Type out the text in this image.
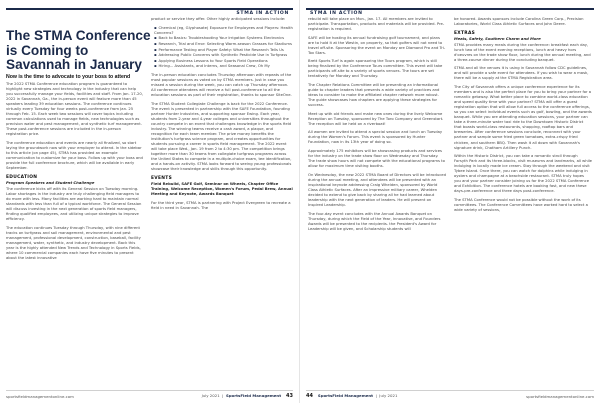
STMA IN ACTION
The STMA Conference is Coming to Savannah in January
Now is the time to advocate to your boss to attend

The 2022 STMA Conference education program is guaranteed to highlight new strategies and technology in the industry that can help you successfully manage your fields, facilities and staff. From Jan. 17-20, 2022 in Savannah, Ga., the in-person event will feature more than 45 speakers leading 39 education sessions. The conference continues virtually every Tuesday for four weeks post-conference from Jan. 25 through Feb. 15. Each week two sessions will cover topics including common calculations used to manage fields, new technologies such as precision water and pest management, and synthetic turf management. These post-conference sessions are included in the in-person registration price.

The conference education and events are nearly all finalized, so start laying the groundwork now with your employer to attend. In the sidebar to this article (on page 45), STMA has provided an example communication to customize for your boss. Follow up with your boss and provide the full conference brochure, which will be available in early September.

EDUCATION
Program Speakers and Student Challenge

The conference kicks off with its General Session on Tuesday morning. Labor shortages in the industry are truly challenging field managers to do more with less. Many facilities are working hard to maintain normal standards with less than full of a typical workforce. The General Session will discuss investing in the next generation of sports field managers, finding qualified employees, and utilizing unique strategies to improve efficiency.

The education continues Tuesday through Thursday, with nine different tracks on turfgrass and soil management, environmental and pest management, professional development, construction, baseball, facility management, water, synthetic, and industry development. Back this year is the highly attended New Trends and Technology in Sports Fields, where 10 commercial companies each have five minutes to present about the latest innovative

product or service they offer. Other highly anticipated sessions include:

▪ Chemical (eg, Glyphosate) Exposure for Employees and Players: Health Concerns?
▪ Back to Basics: Troubleshooting Your Irrigation Systems Electronics
▪ Research, Trial and Error: Selecting Warm-season Grasses for Stadiums
▪ Performance Testing and Player Safety: What the Research Tells Us
▪ Addressing Public Concerns with Synthetic Pesticide Use in Turfgrass
▪ Applying Business Lessons to Your Sports Field Operations
▪ Hiring... Assistants, and Interns, and Seasonal Crew, Oh My

The in-person education concludes Thursday afternoon with repeats of the most popular sessions as voted on by STMA members. Just in case you missed a session during the week, you can catch up Thursday afternoon. All conference attendees will receive a full post-conference to all the education sessions as part of their registration, thanks to sponsor SiteOne.

The STMA Student Collegiate Challenge is back for the 2022 Conference. The event is presented in partnership with the SAFE Foundation, founding partner Hunter Industries, and supporting sponsor Ewing. Each year, students from 2-year and 4-year colleges and universities throughout the country compete in an event that challenges knowledge in the sports field industry. The winning teams receive a cash award, a plaque, and recognition for each team member. The prize money benefits the institution's turfgrass science program, and creates opportunities for students pursuing a career in sports field management. The 2022 event will take place Wed., Jan. 19 from 2 to 4:30 pm. The competition brings together more than 30 teams from collegiate turfgrass programs across the United States to compete in a multiple-choice exam, tee identification, and a hands-on activity. STMA looks forward to seeing young professionals showcase their knowledge and skills through this opportunity.

EVENTS

Field Rebuild, SAFE Golf, Seminar on Wheels, Chapter Office Training, Welcome Reception, Women's Forum, Pedal Brew, Annual Meeting and Keynote, Awards Banquet

For the third year, STMA is partnering with Project Evergreen to recreate a field in need in Savannah. The

sportsfieldmanagementonline.com	July 2021  |  SportsField Management 43
STMA IN ACTION

rebuild will take place on Mon., Jan. 17. All members are invited to participate. Transportation, products and materials will be provided. Pre-registration is required.

SAFE will be hosting its annual fundraising golf tournament, and plans are to hold it at the Westin, on property, so that golfers will not need to travel off-site. Sponsoring the event on Monday are Diamond Pro and Tri-Tox Stars.

Brett Sports Turf is again sponsoring the Tours program, which is still being finalized by the Conference Tours committee. This event will take participants off-site to a variety of sports venues. The tours are set tentatively for Monday and Thursday.

The Chapter Relations Committee will be presenting an informational guide to chapter leaders that presents a wide variety of practices and ideas to consider to make the affiliated chapter network more robust. The guide showcases how chapters are applying these strategies for success.

Meet up with old friends and make new ones during the lively Welcome Reception on Tuesday, sponsored by The Toro Company and Greenstart. The reception will be held on a riverboat!

All women are invited to attend a special session and lunch on Tuesday during the Women's Forum. This event is sponsored by Hunter Foundation, now in its 13th year of doing so.

Approximately 175 exhibitors will be showcasing products and services for the industry on the trade show floor on Wednesday and Thursday. The trade show hours will not compete with the educational programs to allow for maximum time visiting booths.

On Wednesday, the new 2022 STMA Board of Directors will be introduced during the annual meeting, and attendees will be presented with an inspirational keynote addressing Craig Whelden, sponsored by World Class Athletic Surfaces. After an impressive military career, Whelden decided to extend to give back by sharing all he had learned about leadership with the next generation of leaders. He will present on Inspired Leadership.

The four-day event concludes with the Annual Awards Banquet on Thursday, during which the Field of the Year, Innovative, and Founders Awards will be presented to the recipients. the President's Award for Leadership will be given, and Scholarship students will

be honored. Awards sponsors include Carolina Green Corp., Precision Laboratories, World Class Athletic Surfaces and John Deere.

EXTRAS
Meals, Safety, Southern Charm and More

STMA provides many meals during the conference: breakfast each day, lunch two of the event evening receptions, lunch and heavy hors d'oeuvres on the trade show floor, lunch during the annual meeting, and a three-course dinner during the concluding banquet.

STMA and all the venues it is using in Savannah follow CDC guidelines, and will provide a safe event for attendees. If you wish to wear a mask, there will be a supply at the STMA Registration area.

The City of Savannah offers a unique conference experience for its members and is also the perfect place for you to bring your partner for a romantic getaway. What better place to combine world-class education and speed quality time with your partner? STMA will offer a guest registration option that will allow full access to the conference offerings, so you can select individual events such as golf, bowling, and the awards banquet. While you are attending education sessions, your partner can take a three-minute water taxi ride to the Downtown Historic District that boasts world-class restaurants, shopping, rooftop bars and breweries. After conference sessions conclude, reconnect with your partner and sample some fried green tomatoes, extra-crispy fried chicken, and southern BBQ. Then wash it all down with Savannah's signature drink, Chatham Artillery Punch.

Within the Historic District, you can take a romantic stroll through Forsyth Park and its three-blocks, visit museums and landmarks, all while indulging in locally made ice cream. Stay through the weekend and visit Tybee Island. Once there, you can watch for dolphins while indulging in oysters and champagne at a beachside restaurant. STMA truly hopes you and your partner consider joining us for the 2022 STMA Conference and Exhibition. The conference hotels are booking fast, and new these days-pre-conference and three days post-conference.

The STMA Conference would not be possible without the work of its committees. The Conference Committees have worked hard to select a wide variety of sessions,

44 SportsField Management  |  July 2021	sportsfieldmanagementonline.com
